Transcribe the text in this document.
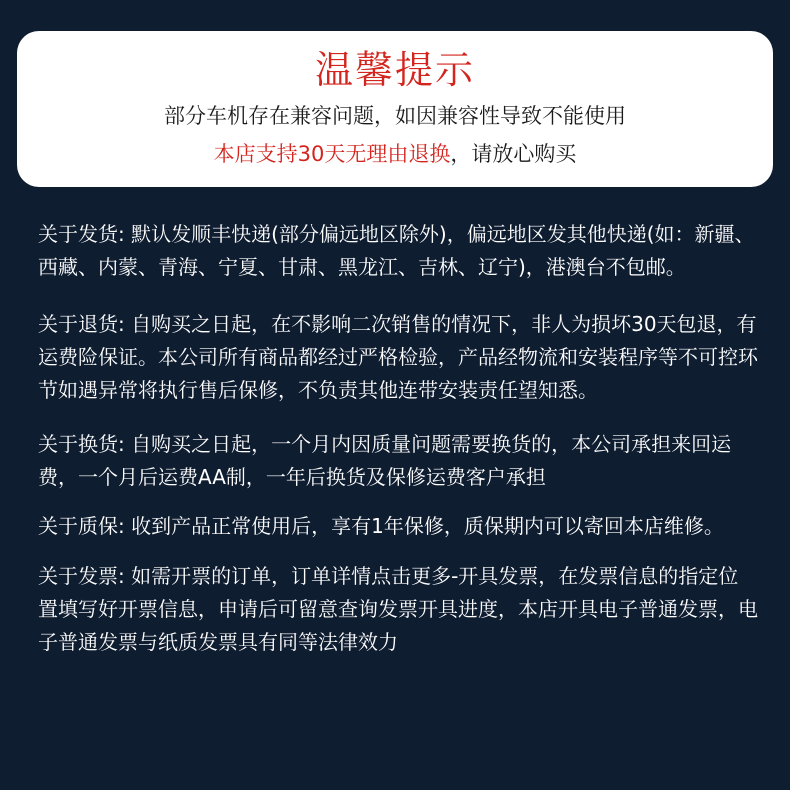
温馨提示
部分车机存在兼容问题，如因兼容性导致不能使用
本店支持30天无理由退换，请放心购买

关于发货: 默认发顺丰快递(部分偏远地区除外)，偏远地区发其他快递(如：新疆、西藏、内蒙、青海、宁夏、甘肃、黑龙江、吉林、辽宁)，港澳台不包邮。

关于退货: 自购买之日起，在不影响二次销售的情况下，非人为损坏30天包退，有运费险保证。本公司所有商品都经过严格检验，产品经物流和安装程序等不可控环节如遇异常将执行售后保修，不负责其他连带安装责任望知悉。

关于换货: 自购买之日起，一个月内因质量问题需要换货的，本公司承担来回运费，一个月后运费AA制，一年后换货及保修运费客户承担

关于质保: 收到产品正常使用后，享有1年保修，质保期内可以寄回本店维修。

关于发票: 如需开票的订单，订单详情点击更多-开具发票，在发票信息的指定位置填写好开票信息，申请后可留意查询发票开具进度，本店开具电子普通发票，电子普通发票与纸质发票具有同等法律效力
